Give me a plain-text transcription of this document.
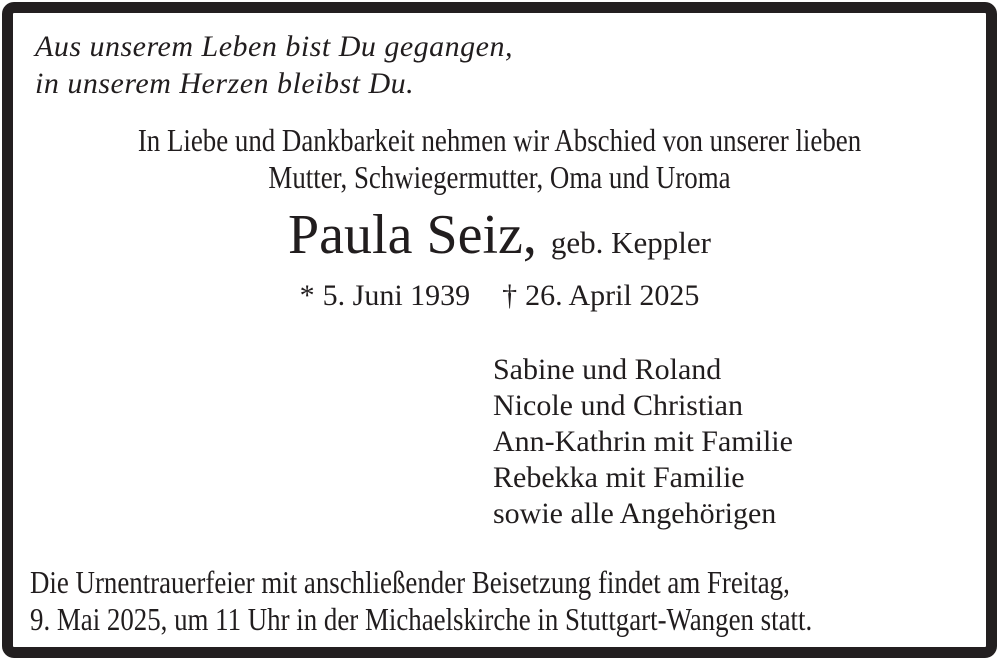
Aus unserem Leben bist Du gegangen,
in unserem Herzen bleibst Du.
In Liebe und Dankbarkeit nehmen wir Abschied von unserer lieben
Mutter, Schwiegermutter, Oma und Uroma
Paula Seiz, geb. Keppler
* 5. Juni 1939 † 26. April 2025
Sabine und Roland
Nicole und Christian
Ann-Kathrin mit Familie
Rebekka mit Familie
sowie alle Angehörigen
Die Urnentrauerfeier mit anschließender Beisetzung findet am Freitag,
9. Mai 2025, um 11 Uhr in der Michaelskirche in Stuttgart-Wangen statt.
